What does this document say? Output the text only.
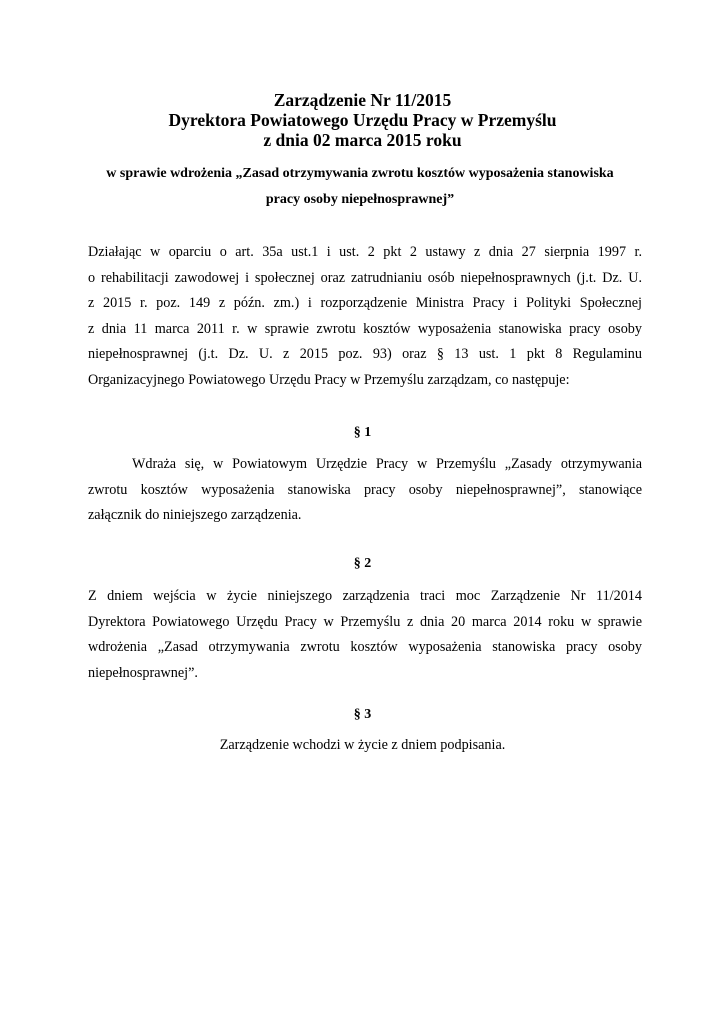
Zarządzenie Nr 11/2015
Dyrektora Powiatowego Urzędu Pracy w Przemyślu
z dnia 02 marca 2015 roku
w sprawie wdrożenia „Zasad otrzymywania zwrotu kosztów wyposażenia stanowiska
pracy osoby niepełnosprawnej”
Działając w oparciu o art. 35a ust.1 i ust. 2 pkt 2 ustawy z dnia 27 sierpnia 1997 r.
o rehabilitacji zawodowej i społecznej oraz zatrudnianiu osób niepełnosprawnych (j.t. Dz. U.
z 2015 r. poz. 149 z późn. zm.) i rozporządzenie Ministra Pracy i Polityki Społecznej
z dnia 11 marca 2011 r. w sprawie zwrotu kosztów wyposażenia stanowiska pracy osoby
niepełnosprawnej (j.t. Dz. U. z 2015 poz. 93) oraz § 13 ust. 1 pkt 8 Regulaminu
Organizacyjnego Powiatowego Urzędu Pracy w Przemyślu zarządzam, co następuje:
§ 1
Wdraża się, w Powiatowym Urzędzie Pracy w Przemyślu „Zasady otrzymywania
zwrotu kosztów wyposażenia stanowiska pracy osoby niepełnosprawnej”, stanowiące
załącznik do niniejszego zarządzenia.
§ 2
Z dniem wejścia w życie niniejszego zarządzenia traci moc Zarządzenie Nr 11/2014
Dyrektora Powiatowego Urzędu Pracy w Przemyślu z dnia 20 marca 2014 roku w sprawie
wdrożenia „Zasad otrzymywania zwrotu kosztów wyposażenia stanowiska pracy osoby
niepełnosprawnej”.
§ 3
Zarządzenie wchodzi w życie z dniem podpisania.
